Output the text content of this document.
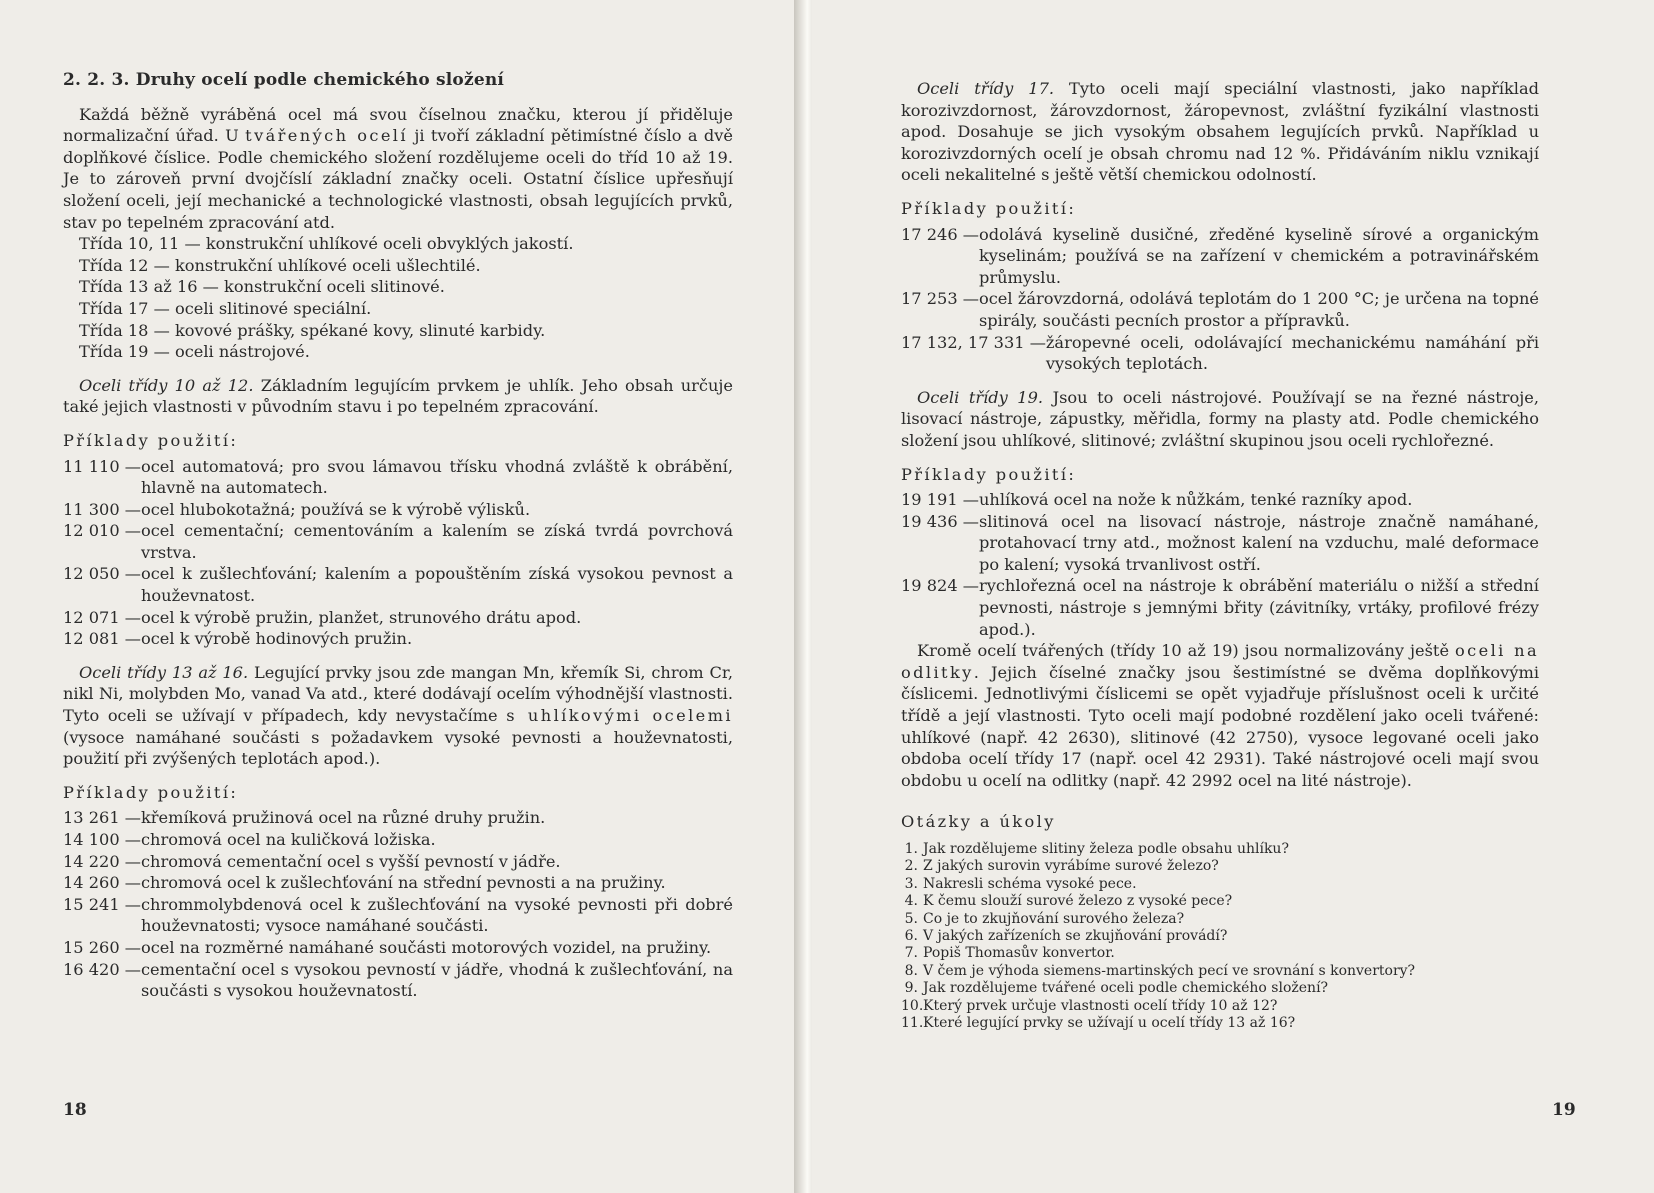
2. 2. 3. Druhy ocelí podle chemického složení

Každá běžně vyráběná ocel má svou číselnou značku, kterou jí přiděluje normalizační úřad. U tvářených ocelí ji tvoří základní pětimístné číslo a dvě doplňkové číslice. Podle chemického složení rozdělujeme oceli do tříd 10 až 19. Je to zároveň první dvojčíslí základní značky oceli. Ostatní číslice upřesňují složení oceli, její mechanické a technologické vlastnosti, obsah legujících prvků, stav po tepelném zpracování atd.

Třída 10, 11 — konstrukční uhlíkové oceli obvyklých jakostí.

Třída 12 — konstrukční uhlíkové oceli ušlechtilé.

Třída 13 až 16 — konstrukční oceli slitinové.

Třída 17 — oceli slitinové speciální.

Třída 18 — kovové prášky, spékané kovy, slinuté karbidy.

Třída 19 — oceli nástrojové.

Oceli třídy 10 až 12. Základním legujícím prvkem je uhlík. Jeho obsah určuje také jejich vlastnosti v původním stavu i po tepelném zpracování.

Příklady použití:

11 110 — ocel automatová; pro svou lámavou třísku vhodná zvláště k obrábění, hlavně na automatech.
11 300 — ocel hlubokotažná; používá se k výrobě výlisků.
12 010 — ocel cementační; cementováním a kalením se získá tvrdá povrchová vrstva.
12 050 — ocel k zušlechťování; kalením a popouštěním získá vysokou pevnost a houževnatost.
12 071 — ocel k výrobě pružin, planžet, strunového drátu apod.
12 081 — ocel k výrobě hodinových pružin.

Oceli třídy 13 až 16. Legující prvky jsou zde mangan Mn, křemík Si, chrom Cr, nikl Ni, molybden Mo, vanad Va atd., které dodávají ocelím výhodnější vlastnosti. Tyto oceli se užívají v případech, kdy nevystačíme s uhlíkovými ocelemi (vysoce namáhané součásti s požadavkem vysoké pevnosti a houževnatosti, použití při zvýšených teplotách apod.).

Příklady použití:

13 261 — křemíková pružinová ocel na různé druhy pružin.
14 100 — chromová ocel na kuličková ložiska.
14 220 — chromová cementační ocel s vyšší pevností v jádře.
14 260 — chromová ocel k zušlechťování na střední pevnosti a na pružiny.
15 241 — chrommolybdenová ocel k zušlechťování na vysoké pevnosti při dobré houževnatosti; vysoce namáhané součásti.
15 260 — ocel na rozměrné namáhané součásti motorových vozidel, na pružiny.
16 420 — cementační ocel s vysokou pevností v jádře, vhodná k zušlechťování, na součásti s vysokou houževnatostí.
18

Oceli třídy 17. Tyto oceli mají speciální vlastnosti, jako například korozivzdornost, žárovzdornost, žáropevnost, zvláštní fyzikální vlastnosti apod. Dosahuje se jich vysokým obsahem legujících prvků. Například u korozivzdorných ocelí je obsah chromu nad 12 %. Přidáváním niklu vznikají oceli nekalitelné s ještě větší chemickou odolností.

Příklady použití:

17 246 — odolává kyselině dusičné, zředěné kyselině sírové a organickým kyselinám; používá se na zařízení v chemickém a potravinářském průmyslu.
17 253 — ocel žárovzdorná, odolává teplotám do 1 200 °C; je určena na topné spirály, součásti pecních prostor a přípravků.
17 132, 17 331 — žáropevné oceli, odolávající mechanickému namáhání při vysokých teplotách.

Oceli třídy 19. Jsou to oceli nástrojové. Používají se na řezné nástroje, lisovací nástroje, zápustky, měřidla, formy na plasty atd. Podle chemického složení jsou uhlíkové, slitinové; zvláštní skupinou jsou oceli rychlořezné.

Příklady použití:

19 191 — uhlíková ocel na nože k nůžkám, tenké razníky apod.
19 436 — slitinová ocel na lisovací nástroje, nástroje značně namáhané, protahovací trny atd., možnost kalení na vzduchu, malé deformace po kalení; vysoká trvanlivost ostří.
19 824 — rychlořezná ocel na nástroje k obrábění materiálu o nižší a střední pevnosti, nástroje s jemnými břity (závitníky, vrtáky, profilové frézy apod.).

Kromě ocelí tvářených (třídy 10 až 19) jsou normalizovány ještě oceli na odlitky. Jejich číselné značky jsou šestimístné se dvěma doplňkovými číslicemi. Jednotlivými číslicemi se opět vyjadřuje příslušnost oceli k určité třídě a její vlastnosti. Tyto oceli mají podobné rozdělení jako oceli tvářené: uhlíkové (např. 42 2630), slitinové (42 2750), vysoce legované oceli jako obdoba ocelí třídy 17 (např. ocel 42 2931). Také nástrojové oceli mají svou obdobu u ocelí na odlitky (např. 42 2992 ocel na lité nástroje).

Otázky a úkoly

1. Jak rozdělujeme slitiny železa podle obsahu uhlíku?
2. Z jakých surovin vyrábíme surové železo?
3. Nakresli schéma vysoké pece.
4. K čemu slouží surové železo z vysoké pece?
5. Co je to zkujňování surového železa?
6. V jakých zařízeních se zkujňování provádí?
7. Popiš Thomasův konvertor.
8. V čem je výhoda siemens-martinských pecí ve srovnání s konvertory?
9. Jak rozdělujeme tvářené oceli podle chemického složení?
10. Který prvek určuje vlastnosti ocelí třídy 10 až 12?
11. Které legující prvky se užívají u ocelí třídy 13 až 16?
19
